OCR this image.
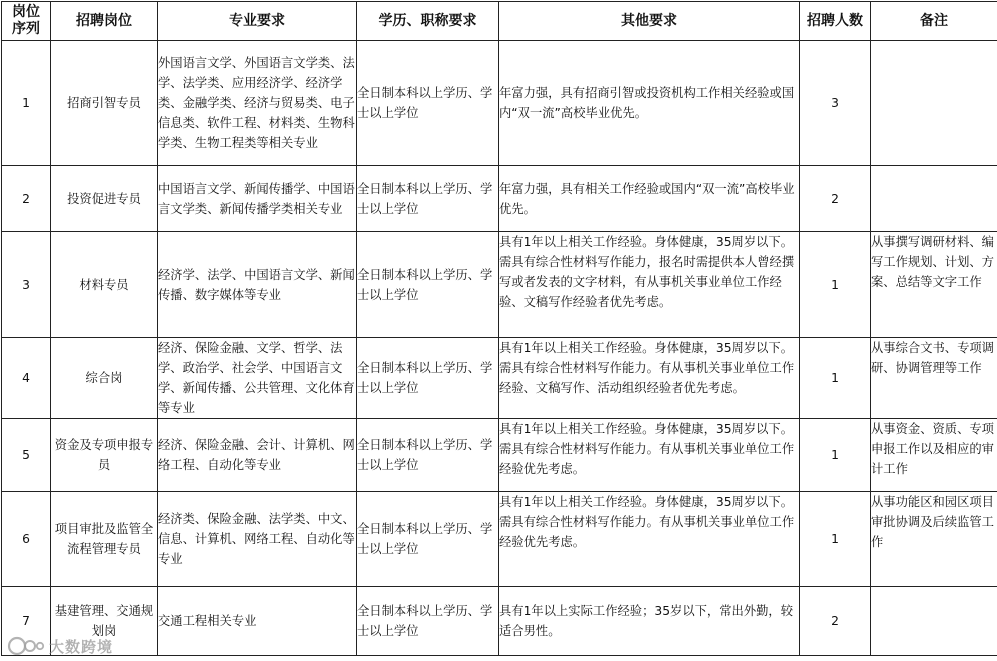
岗位序列	招聘岗位	专业要求	学历、职称要求	其他要求	招聘人数	备注
1	招商引智专员	外国语言文学、外国语言文学类、法学、法学类、应用经济学、经济学类、金融学类、经济与贸易类、电子信息类、软件工程、材料类、生物科学类、生物工程类等相关专业	全日制本科以上学历、学士以上学位	年富力强，具有招商引智或投资机构工作相关经验或国内“双一流”高校毕业优先。	3	
2	投资促进专员	中国语言文学、新闻传播学、中国语言文学类、新闻传播学类相关专业	全日制本科以上学历、学士以上学位	年富力强，具有相关工作经验或国内“双一流”高校毕业优先。	2	
3	材料专员	经济学、法学、中国语言文学、新闻传播、数字媒体等专业	全日制本科以上学历、学士以上学位	具有1年以上相关工作经验。身体健康，35周岁以下。需具有综合性材料写作能力，报名时需提供本人曾经撰写或者发表的文字材料，有从事机关事业单位工作经验、文稿写作经验者优先考虑。	1	从事撰写调研材料、编写工作规划、计划、方案、总结等文字工作
4	综合岗	经济、保险金融、文学、哲学、法学、政治学、社会学、中国语言文学、新闻传播、公共管理、文化体育等专业	全日制本科以上学历、学士以上学位	具有1年以上相关工作经验。身体健康，35周岁以下。需具有综合性材料写作能力。有从事机关事业单位工作经验、文稿写作、活动组织经验者优先考虑。	1	从事综合文书、专项调研、协调管理等工作
5	资金及专项申报专员	经济、保险金融、会计、计算机、网络工程、自动化等专业	全日制本科以上学历、学士以上学位	具有1年以上相关工作经验。身体健康，35周岁以下。需具有综合性材料写作能力。有从事机关事业单位工作经验优先考虑。	1	从事资金、资质、专项申报工作以及相应的审计工作
6	项目审批及监管全流程管理专员	经济类、保险金融、法学类、中文、信息、计算机、网络工程、自动化等专业	全日制本科以上学历、学士以上学位	具有1年以上相关工作经验。身体健康，35周岁以下。需具有综合性材料写作能力。有从事机关事业单位工作经验优先考虑。	1	从事功能区和园区项目审批协调及后续监管工作
7	基建管理、交通规划岗	交通工程相关专业	全日制本科以上学历、学士以上学位	具有1年以上实际工作经验；35岁以下，常出外勤，较适合男性。	2	
大数跨境
